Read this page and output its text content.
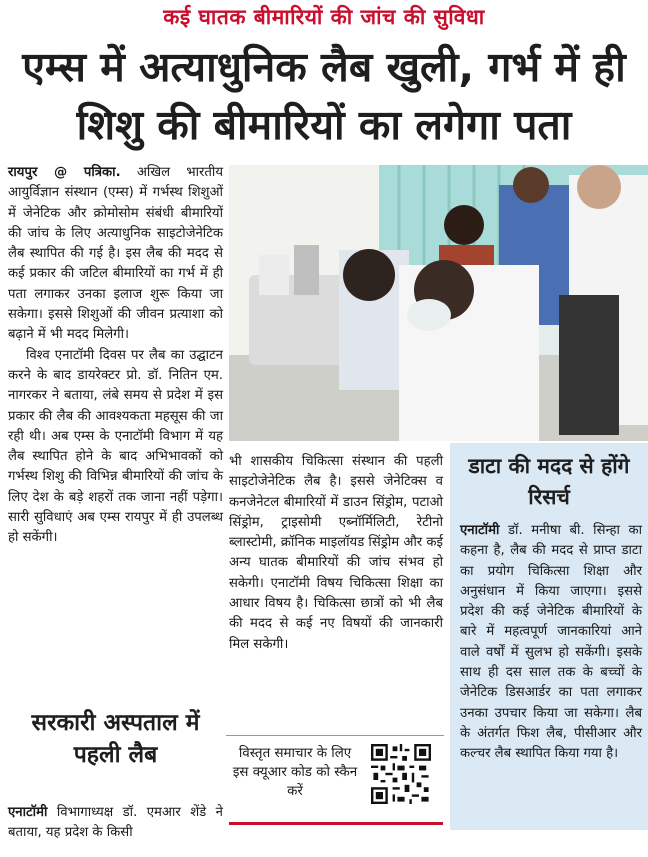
कई घातक बीमारियों की जांच की सुविधा
एम्स में अत्याधुनिक लैब खुली, गर्भ में ही शिशु की बीमारियों का लगेगा पता

रायपुर @ पत्रिका. अखिल भारतीय आयुर्विज्ञान संस्थान (एम्स) में गर्भस्थ शिशुओं में जेनेटिक और क्रोमोसोम संबंधी बीमारियों की जांच के लिए अत्याधुनिक साइटोजेनेटिक लैब स्थापित की गई है। इस लैब की मदद से कई प्रकार की जटिल बीमारियों का गर्भ में ही पता लगाकर उनका इलाज शुरू किया जा सकेगा। इससे शिशुओं की जीवन प्रत्याशा को बढ़ाने में भी मदद मिलेगी।

विश्व एनाटॉमी दिवस पर लैब का उद्घाटन करने के बाद डायरेक्टर प्रो. डॉ. नितिन एम. नागरकर ने बताया, लंबे समय से प्रदेश में इस प्रकार की लैब की आवश्यकता महसूस की जा रही थी। अब एम्स के एनाटॉमी विभाग में यह लैब स्थापित होने के बाद अभिभावकों को गर्भस्थ शिशु की विभिन्न बीमारियों की जांच के लिए देश के बड़े शहरों तक जाना नहीं पड़ेगा। सारी सुविधाएं अब एम्स रायपुर में ही उपलब्ध हो सकेंगी।

सरकारी अस्पताल में पहली लैब

एनाटॉमी विभागाध्यक्ष डॉ. एमआर शेंडे ने बताया, यह प्रदेश के किसी

भी शासकीय चिकित्सा संस्थान की पहली साइटोजेनेटिक लैब है। इससे जेनेटिक्स व कनजेनेटल बीमारियों में डाउन सिंड्रोम, पटाओ सिंड्रोम, ट्राइसोमी एब्नॉर्मिलिटी, रेटीनो ब्लास्टोमी, क्रॉनिक माइलॉयड सिंड्रोम और कई अन्य घातक बीमारियों की जांच संभव हो सकेगी। एनाटॉमी विषय चिकित्सा शिक्षा का आधार विषय है। चिकित्सा छात्रों को भी लैब की मदद से कई नए विषयों की जानकारी मिल सकेगी।

विस्तृत समाचार के लिए इस क्यूआर कोड को स्कैन करें
डाटा की मदद से होंगे रिसर्च

एनाटॉमी डॉ. मनीषा बी. सिन्हा का कहना है, लैब की मदद से प्राप्त डाटा का प्रयोग चिकित्सा शिक्षा और अनुसंधान में किया जाएगा। इससे प्रदेश की कई जेनेटिक बीमारियों के बारे में महत्वपूर्ण जानकारियां आने वाले वर्षों में सुलभ हो सकेंगी। इसके साथ ही दस साल तक के बच्चों के जेनेटिक डिसआर्डर का पता लगाकर उनका उपचार किया जा सकेगा। लैब के अंतर्गत फिश लैब, पीसीआर और कल्चर लैब स्थापित किया गया है।
